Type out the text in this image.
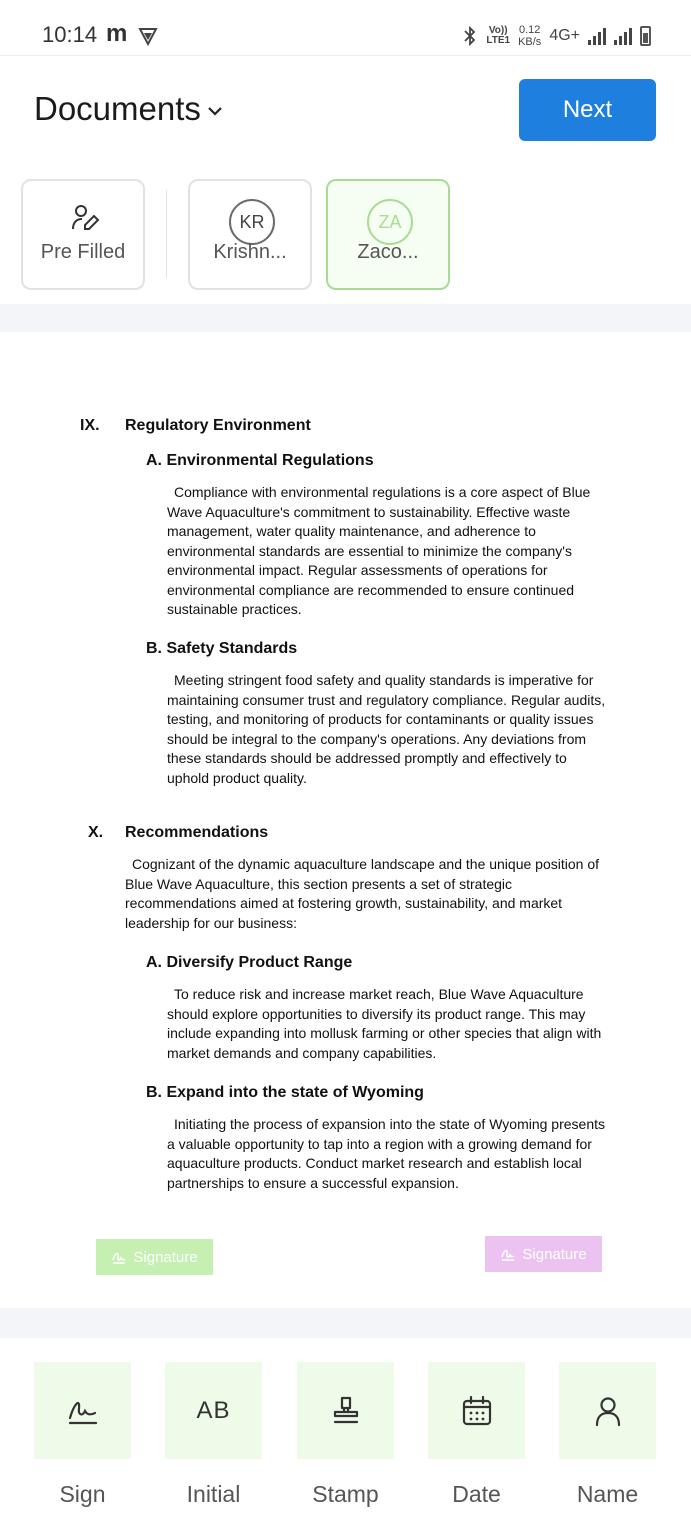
10:14 m	Vo))
LTE1
0.12
KB/s 4G+
Documents	Next
Pre Filled
KR
Krishn...
ZA
Zaco...
IX. Regulatory Environment
A. Environmental Regulations
Compliance with environmental regulations is a core aspect of Blue
Wave Aquaculture's commitment to sustainability. Effective waste
management, water quality maintenance, and adherence to
environmental standards are essential to minimize the company's
environmental impact. Regular assessments of operations for
environmental compliance are recommended to ensure continued
sustainable practices.
B. Safety Standards
Meeting stringent food safety and quality standards is imperative for
maintaining consumer trust and regulatory compliance. Regular audits,
testing, and monitoring of products for contaminants or quality issues
should be integral to the company's operations. Any deviations from
these standards should be addressed promptly and effectively to
uphold product quality.
X. Recommendations
Cognizant of the dynamic aquaculture landscape and the unique position of
Blue Wave Aquaculture, this section presents a set of strategic
recommendations aimed at fostering growth, sustainability, and market
leadership for our business:
A. Diversify Product Range
To reduce risk and increase market reach, Blue Wave Aquaculture
should explore opportunities to diversify its product range. This may
include expanding into mollusk farming or other species that align with
market demands and company capabilities.
B. Expand into the state of Wyoming
Initiating the process of expansion into the state of Wyoming presents
a valuable opportunity to tap into a region with a growing demand for
aquaculture products. Conduct market research and establish local
partnerships to ensure a successful expansion.
Signature	Signature
Sign
AB
Initial	Stamp	Date	Name
